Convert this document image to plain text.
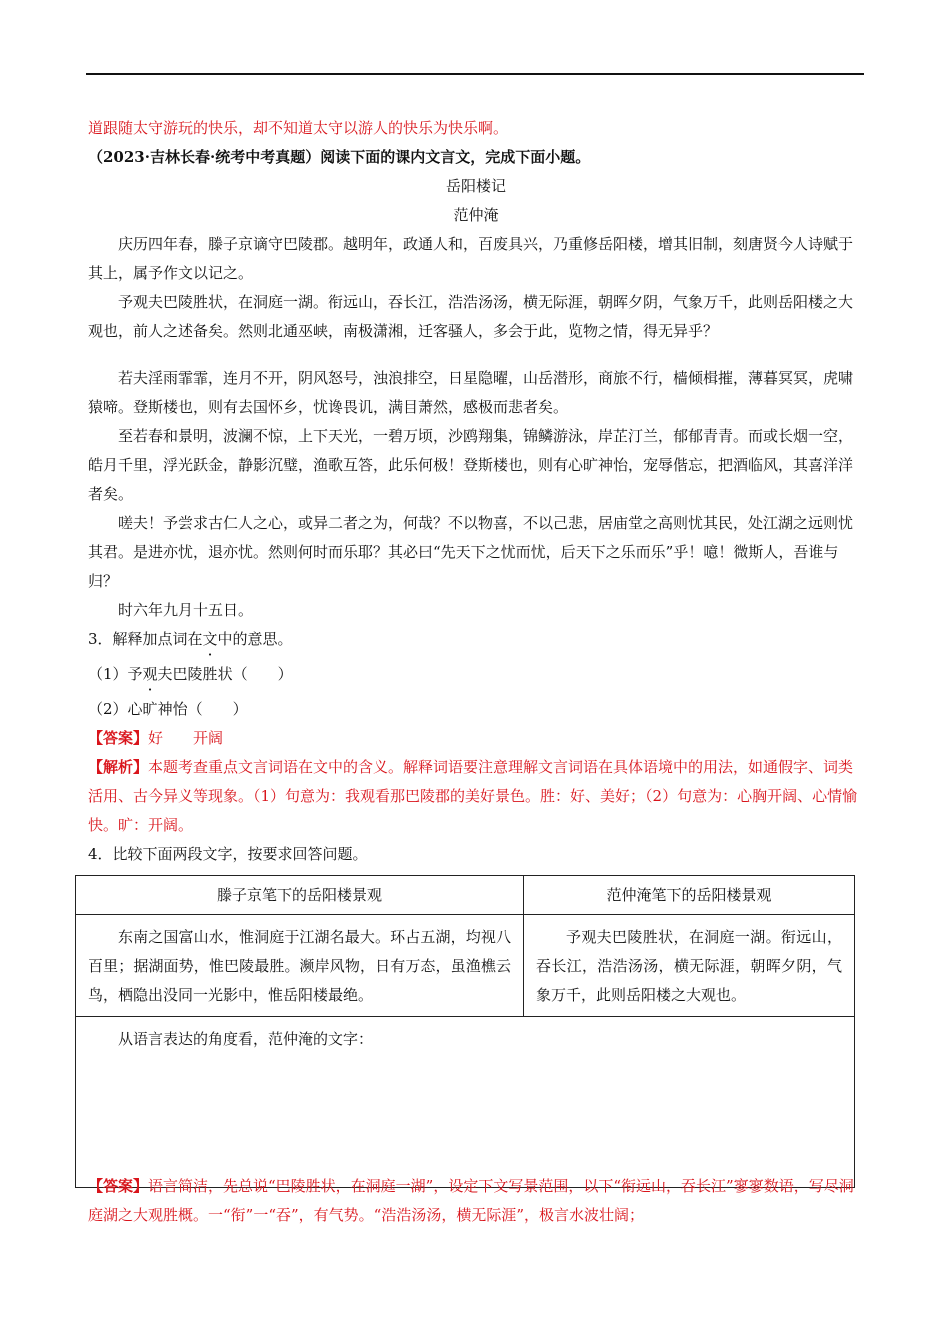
道跟随太守游玩的快乐，却不知道太守以游人的快乐为快乐啊。

（2023·吉林长春·统考中考真题）阅读下面的课内文言文，完成下面小题。

岳阳楼记

范仲淹

庆历四年春，滕子京谪守巴陵郡。越明年，政通人和，百废具兴，乃重修岳阳楼，增其旧制，刻唐贤今人诗赋于其上，属予作文以记之。

予观夫巴陵胜状，在洞庭一湖。衔远山，吞长江，浩浩汤汤，横无际涯，朝晖夕阴，气象万千，此则岳阳楼之大观也，前人之述备矣。然则北通巫峡，南极潇湘，迁客骚人，多会于此，览物之情，得无异乎？

若夫淫雨霏霏，连月不开，阴风怒号，浊浪排空，日星隐曜，山岳潜形，商旅不行，樯倾楫摧，薄暮冥冥，虎啸猿啼。登斯楼也，则有去国怀乡，忧谗畏讥，满目萧然，感极而悲者矣。

至若春和景明，波澜不惊，上下天光，一碧万顷，沙鸥翔集，锦鳞游泳，岸芷汀兰，郁郁青青。而或长烟一空，皓月千里，浮光跃金，静影沉璧，渔歌互答，此乐何极！登斯楼也，则有心旷神怡，宠辱偕忘，把酒临风，其喜洋洋者矣。

嗟夫！予尝求古仁人之心，或异二者之为，何哉？不以物喜，不以己悲，居庙堂之高则忧其民，处江湖之远则忧其君。是进亦忧，退亦忧。然则何时而乐耶？其必曰“先天下之忧而忧，后天下之乐而乐”乎！噫！微斯人，吾谁与归？

时六年九月十五日。

3．解释加点词在文中的意思。

（1）予观夫巴陵胜状（　　）

（2）心旷神怡（　　）

【答案】好 开阔

【解析】本题考查重点文言词语在文中的含义。解释词语要注意理解文言词语在具体语境中的用法，如通假字、词类活用、古今异义等现象。（1）句意为：我观看那巴陵郡的美好景色。胜：好、美好；（2）句意为：心胸开阔、心情愉快。旷：开阔。

4．比较下面两段文字，按要求回答问题。

滕子京笔下的岳阳楼景观	范仲淹笔下的岳阳楼景观
东南之国富山水，惟洞庭于江湖名最大。环占五湖，均视八百里；据湖面势，惟巴陵最胜。濒岸风物，日有万态，虽渔樵云鸟，栖隐出没同一光影中，惟岳阳楼最绝。	予观夫巴陵胜状，在洞庭一湖。衔远山，吞长江，浩浩汤汤，横无际涯，朝晖夕阴，气象万千，此则岳阳楼之大观也。
从语言表达的角度看，范仲淹的文字：	

【答案】语言简洁，先总说“巴陵胜状，在洞庭一湖”，设定下文写景范围，以下“衔远山，吞长江”寥寥数语，写尽洞庭湖之大观胜概。一“衔”一“吞”，有气势。“浩浩汤汤，横无际涯”，极言水波壮阔；
